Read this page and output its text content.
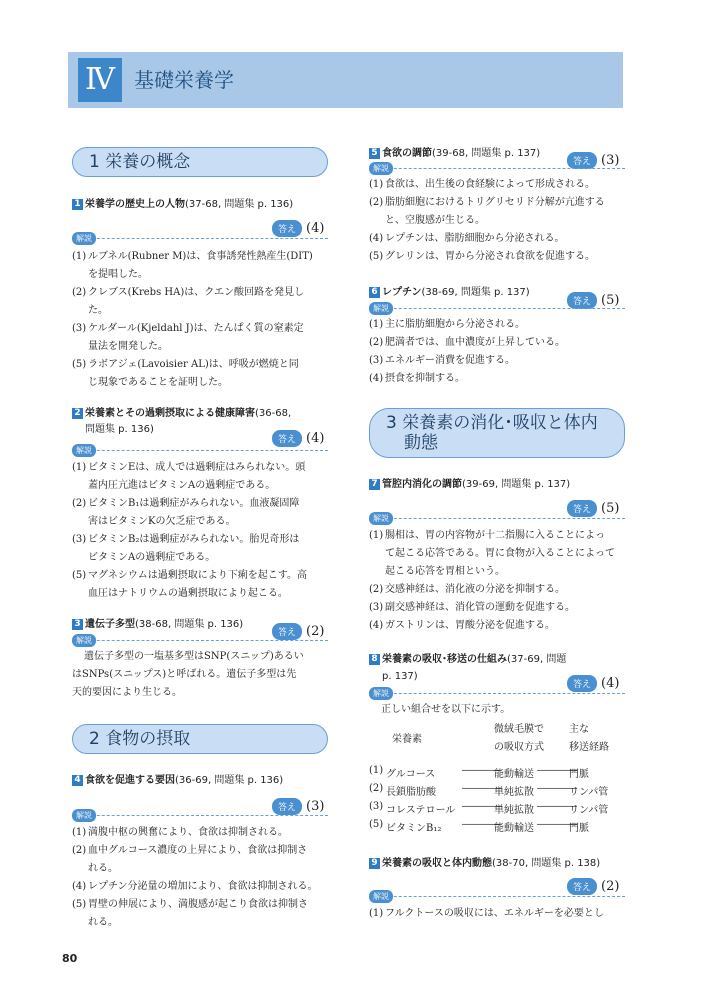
Ⅳ 基礎栄養学
1 栄養の概念
1 栄養学の歴史上の人物(37-68, 問題集 p. 136)
答え (4)
解説
2 栄養素とその過剰摂取による健康障害(36-68,
問題集 p. 136)
答え (4)
解説
3 遺伝子多型(38-68, 問題集 p. 136)
答え (2)
解説
2 食物の摂取
4 食欲を促進する要因(36-69, 問題集 p. 136)
答え (3)
解説
5 食欲の調節(39-68, 問題集 p. 137)
答え (3)
解説
6 レプチン(38-69, 問題集 p. 137)
答え (5)
解説
3 栄養素の消化･吸収と体内
動態
7 管腔内消化の調節(39-69, 問題集 p. 137)
答え (5)
解説
8 栄養素の吸収･移送の仕組み(37-69, 問題
p. 137)
答え (4)
解説
正しい組合せを以下に示す。
栄養素
微絨毛膜で
の吸収方式
主な
移送経路
9 栄養素の吸収と体内動態(38-70, 問題集 p. 138)
答え (2)
解説
80
(1) ルブネル(Rubner M)は、食事誘発性熱産生(DIT)
を提唱した。
(2) クレブス(Krebs HA)は、クエン酸回路を発見し
た。
(3) ケルダール(Kjeldahl J)は、たんぱく質の窒素定
量法を開発した。
(5) ラボアジェ(Lavoisier AL)は、呼吸が燃焼と同
じ現象であることを証明した。
(1) ビタミンEは、成人では過剰症はみられない。頭
蓋内圧亢進はビタミンAの過剰症である。
(2) ビタミンB₁は過剰症がみられない。血液凝固障
害はビタミンKの欠乏症である。
(3) ビタミンB₂は過剰症がみられない。胎児奇形は
ビタミンAの過剰症である。
(5) マグネシウムは過剰摂取により下痢を起こす。高
血圧はナトリウムの過剰摂取により起こる。
(1) 満腹中枢の興奮により、食欲は抑制される。
(2) 血中グルコース濃度の上昇により、食欲は抑制さ
れる。
(4) レプチン分泌量の増加により、食欲は抑制される。
(5) 胃壁の伸展により、満腹感が起こり食欲は抑制さ
れる。
(1) 食欲は、出生後の食経験によって形成される。
(2) 脂肪細胞におけるトリグリセリド分解が亢進する
と、空腹感が生じる。
(4) レプチンは、脂肪細胞から分泌される。
(5) グレリンは、胃から分泌され食欲を促進する。
(1) 主に脂肪細胞から分泌される。
(2) 肥満者では、血中濃度が上昇している。
(3) エネルギー消費を促進する。
(4) 摂食を抑制する。
(1) 腸相は、胃の内容物が十二指腸に入ることによっ
て起こる応答である。胃に食物が入ることによって
起こる応答を胃相という。
(2) 交感神経は、消化液の分泌を抑制する。
(3) 副交感神経は、消化管の運動を促進する。
(4) ガストリンは、胃酸分泌を促進する。
(1) フルクトースの吸収には、エネルギーを必要とし
遺伝子多型の一塩基多型はSNP(スニップ)あるい
はSNPs(スニップス)と呼ばれる。遺伝子多型は先
天的要因により生じる。
(1) グルコース	――――
能動輸送 ――――
門脈
(2) 長鎖脂肪酸	――――
単純拡散 ――――
リンパ管
(3) コレステロール ――――
単純拡散 ――――
リンパ管
(5) ビタミンB₁₂ ――――
能動輸送 ――――
門脈
